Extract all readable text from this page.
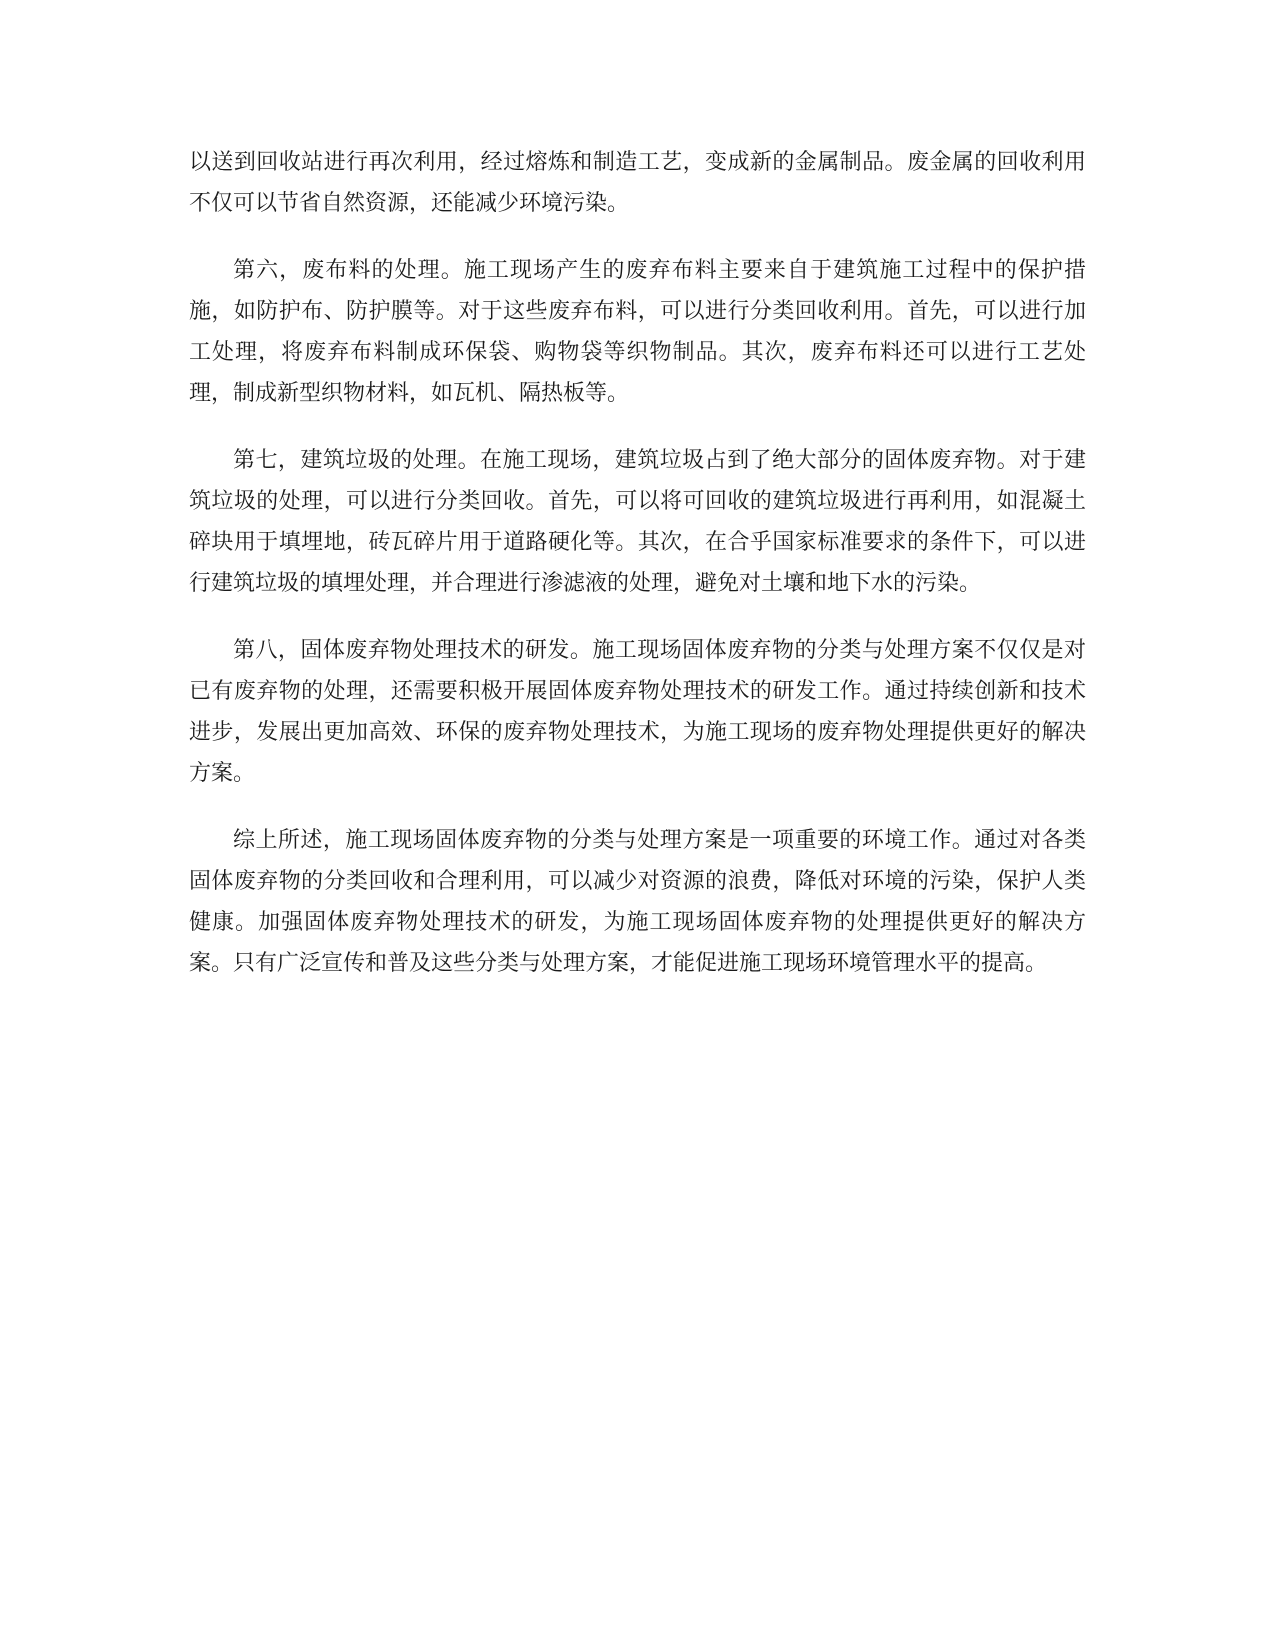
以送到回收站进行再次利用，经过熔炼和制造工艺，变成新的金属制品。废金属的回收利用不仅可以节省自然资源，还能减少环境污染。

第六，废布料的处理。施工现场产生的废弃布料主要来自于建筑施工过程中的保护措施，如防护布、防护膜等。对于这些废弃布料，可以进行分类回收利用。首先，可以进行加工处理，将废弃布料制成环保袋、购物袋等织物制品。其次，废弃布料还可以进行工艺处理，制成新型织物材料，如瓦机、隔热板等。

第七，建筑垃圾的处理。在施工现场，建筑垃圾占到了绝大部分的固体废弃物。对于建筑垃圾的处理，可以进行分类回收。首先，可以将可回收的建筑垃圾进行再利用，如混凝土碎块用于填埋地，砖瓦碎片用于道路硬化等。其次，在合乎国家标准要求的条件下，可以进行建筑垃圾的填埋处理，并合理进行渗滤液的处理，避免对土壤和地下水的污染。

第八，固体废弃物处理技术的研发。施工现场固体废弃物的分类与处理方案不仅仅是对已有废弃物的处理，还需要积极开展固体废弃物处理技术的研发工作。通过持续创新和技术进步，发展出更加高效、环保的废弃物处理技术，为施工现场的废弃物处理提供更好的解决方案。

综上所述，施工现场固体废弃物的分类与处理方案是一项重要的环境工作。通过对各类固体废弃物的分类回收和合理利用，可以减少对资源的浪费，降低对环境的污染，保护人类健康。加强固体废弃物处理技术的研发，为施工现场固体废弃物的处理提供更好的解决方案。只有广泛宣传和普及这些分类与处理方案，才能促进施工现场环境管理水平的提高。
